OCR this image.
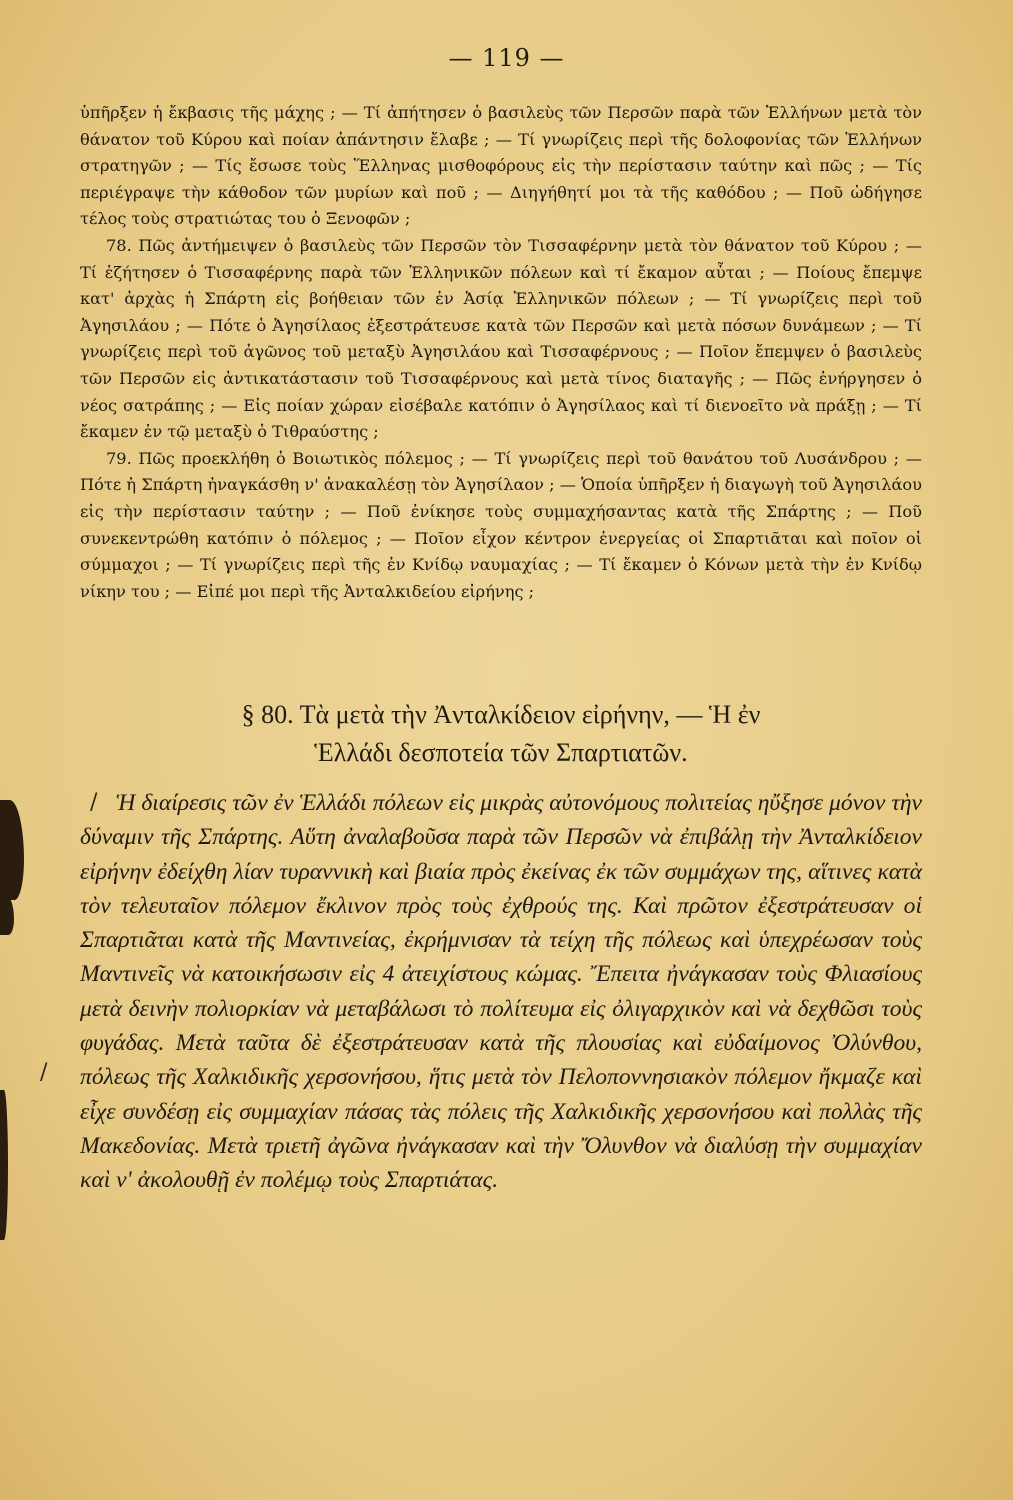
/
/
— 119 —

ὑπῆρξεν ἡ ἔκβασις τῆς μάχης ; — Τί ἀπήτησεν ὁ βασιλεὺς τῶν Περσῶν παρὰ τῶν Ἑλλήνων μετὰ τὸν θάνατον τοῦ Κύρου καὶ ποίαν ἀπάντησιν ἔλαβε ; — Τί γνωρίζεις περὶ τῆς δολοφονίας τῶν Ἑλλήνων στρατηγῶν ; — Τίς ἔσωσε τοὺς Ἕλληνας μισθοφόρους εἰς τὴν περίστασιν ταύτην καὶ πῶς ; — Τίς περιέγραψε τὴν κάθοδον τῶν μυρίων καὶ ποῦ ; — Διηγήθητί μοι τὰ τῆς καθόδου ; — Ποῦ ὡδήγησε τέλος τοὺς στρατιώτας του ὁ Ξενοφῶν ;

78. Πῶς ἀντήμειψεν ὁ βασιλεὺς τῶν Περσῶν τὸν Τισσαφέρνην μετὰ τὸν θάνατον τοῦ Κύρου ; — Τί ἐζήτησεν ὁ Τισσαφέρνης παρὰ τῶν Ἑλληνικῶν πόλεων καὶ τί ἔκαμον αὗται ; — Ποίους ἔπεμψε κατ' ἀρχὰς ἡ Σπάρτη εἰς βοήθειαν τῶν ἐν Ἀσίᾳ Ἑλληνικῶν πόλεων ; — Τί γνωρίζεις περὶ τοῦ Ἀγησιλάου ; — Πότε ὁ Ἀγησίλαος ἐξεστράτευσε κατὰ τῶν Περσῶν καὶ μετὰ πόσων δυνάμεων ; — Τί γνωρίζεις περὶ τοῦ ἀγῶνος τοῦ μεταξὺ Ἀγησιλάου καὶ Τισσαφέρνους ; — Ποῖον ἔπεμψεν ὁ βασιλεὺς τῶν Περσῶν εἰς ἀντικατάστασιν τοῦ Τισσαφέρνους καὶ μετὰ τίνος διαταγῆς ; — Πῶς ἐνήργησεν ὁ νέος σατράπης ; — Εἰς ποίαν χώραν εἰσέβαλε κατόπιν ὁ Ἀγησίλαος καὶ τί διενοεῖτο νὰ πράξῃ ; — Τί ἔκαμεν ἐν τῷ μεταξὺ ὁ Τιθραύστης ;

79. Πῶς προεκλήθη ὁ Βοιωτικὸς πόλεμος ; — Τί γνωρίζεις περὶ τοῦ θανάτου τοῦ Λυσάνδρου ; — Πότε ἡ Σπάρτη ἠναγκάσθη ν' ἀνακαλέσῃ τὸν Ἀγησίλαον ; — Ὁποία ὑπῆρξεν ἡ διαγωγὴ τοῦ Ἀγησιλάου εἰς τὴν περίστασιν ταύτην ; — Ποῦ ἐνίκησε τοὺς συμμαχήσαντας κατὰ τῆς Σπάρτης ; — Ποῦ συνεκεντρώθη κατόπιν ὁ πόλεμος ; — Ποῖον εἶχον κέντρον ἐνεργείας οἱ Σπαρτιᾶται καὶ ποῖον οἱ σύμμαχοι ; — Τί γνωρίζεις περὶ τῆς ἐν Κνίδῳ ναυμαχίας ; — Τί ἔκαμεν ὁ Κόνων μετὰ τὴν ἐν Κνίδῳ νίκην του ; — Εἰπέ μοι περὶ τῆς Ἀνταλκιδείου εἰρήνης ;

§ 80. Τὰ μετὰ τὴν Ἀνταλκίδειον εἰρήνην, — Ἡ ἐν
Ἑλλάδι δεσποτεία τῶν Σπαρτιατῶν.

Ἡ διαίρεσις τῶν ἐν Ἑλλάδι πόλεων εἰς μικρὰς αὐτονόμους πολιτείας ηὔξησε μόνον τὴν δύναμιν τῆς Σπάρτης. Αὕτη ἀναλαβοῦσα παρὰ τῶν Περσῶν νὰ ἐπιβάλῃ τὴν Ἀνταλκίδειον εἰρήνην ἐδείχθη λίαν τυραννικὴ καὶ βιαία πρὸς ἐκείνας ἐκ τῶν συμμάχων της, αἵτινες κατὰ τὸν τελευταῖον πόλεμον ἔκλινον πρὸς τοὺς ἐχθρούς της. Καὶ πρῶτον ἐξεστράτευσαν οἱ Σπαρτιᾶται κατὰ τῆς Μαντινείας, ἐκρήμνισαν τὰ τείχη τῆς πόλεως καὶ ὑπεχρέωσαν τοὺς Μαντινεῖς νὰ κατοικήσωσιν εἰς 4 ἀτειχίστους κώμας. Ἔπειτα ἠνάγκασαν τοὺς Φλιασίους μετὰ δεινὴν πολιορκίαν νὰ μεταβάλωσι τὸ πολίτευμα εἰς ὀλιγαρχικὸν καὶ νὰ δεχθῶσι τοὺς φυγάδας. Μετὰ ταῦτα δὲ ἐξεστράτευσαν κατὰ τῆς πλουσίας καὶ εὐδαίμονος Ὀλύνθου, πόλεως τῆς Χαλκιδικῆς χερσονήσου, ἥτις μετὰ τὸν Πελοποννησιακὸν πόλεμον ἤκμαζε καὶ εἶχε συνδέσῃ εἰς συμμαχίαν πάσας τὰς πόλεις τῆς Χαλκιδικῆς χερσονήσου καὶ πολλὰς τῆς Μακεδονίας. Μετὰ τριετῆ ἀγῶνα ἠνάγκασαν καὶ τὴν Ὄλυνθον νὰ διαλύσῃ τὴν συμμαχίαν καὶ ν' ἀκολουθῇ ἐν πολέμῳ τοὺς Σπαρτιάτας.
